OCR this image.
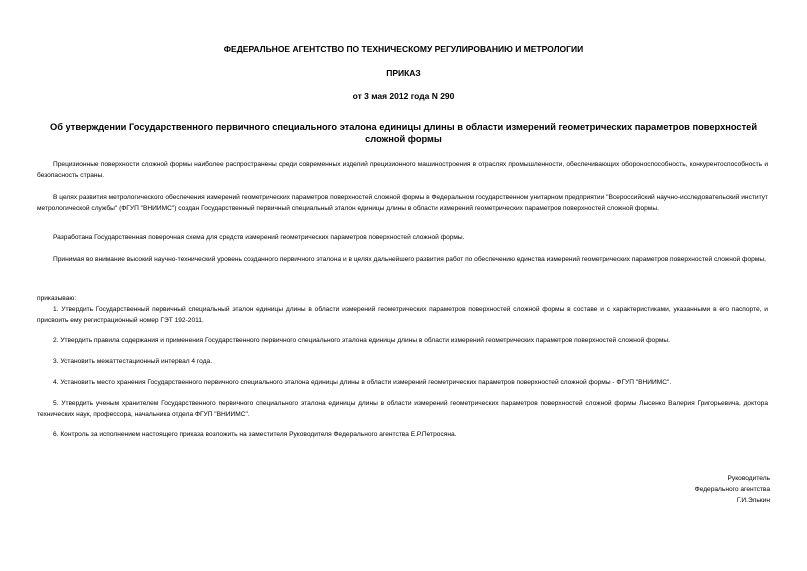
ФЕДЕРАЛЬНОЕ АГЕНТСТВО ПО ТЕХНИЧЕСКОМУ РЕГУЛИРОВАНИЮ И МЕТРОЛОГИИ

ПРИКАЗ

от 3 мая 2012 года N 290

Об утверждении Государственного первичного специального эталона единицы длины в области измерений геометрических параметров поверхностей сложной формы

Прецизионные поверхности сложной формы наиболее распространены среди современных изделий прецизионного машиностроения в отраслях промышленности, обеспечивающих обороноспособность, конкурентоспособность и безопасность страны.

В целях развития метрологического обеспечения измерений геометрических параметров поверхностей сложной формы в Федеральном государственном унитарном предприятии "Всероссийский научно-исследовательский институт метрологической службы" (ФГУП "ВНИИМС") создан Государственный первичный специальный эталон единицы длины в области измерений геометрических параметров поверхностей сложной формы.

Разработана Государственная поверочная схема для средств измерений геометрических параметров поверхностей сложной формы.

Принимая во внимание высокий научно-технический уровень созданного первичного эталона и в целях дальнейшего развития работ по обеспечению единства измерений геометрических параметров поверхностей сложной формы,

приказываю:

1. Утвердить Государственный первичный специальный эталон единицы длины в области измерений геометрических параметров поверхностей сложной формы в составе и с характеристиками, указанными в его паспорте, и присвоить ему регистрационный номер ГЭТ 192-2011.

2. Утвердить правила содержания и применения Государственного первичного специального эталона единицы длины в области измерений геометрических параметров поверхностей сложной формы.

3. Установить межаттестационный интервал 4 года.

4. Установить место хранения Государственного первичного специального эталона единицы длины в области измерений геометрических параметров поверхностей сложной формы - ФГУП "ВНИИМС".

5. Утвердить ученым хранителем Государственного первичного специального эталона единицы длины в области измерений геометрических параметров поверхностей сложной формы Лысенко Валерия Григорьевича, доктора технических наук, профессора, начальника отдела ФГУП "ВНИИМС".

6. Контроль за исполнением настоящего приказа возложить на заместителя Руководителя Федерального агентства Е.Р.Петросяна.

Руководитель

Федерального агентства

Г.И.Элькин
